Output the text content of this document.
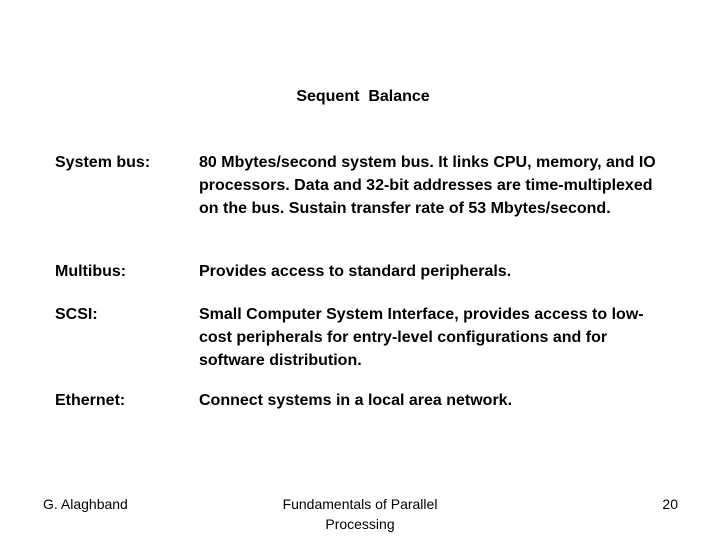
Sequent  Balance
System bus:	80 Mbytes/second system bus. It links CPU, memory, and IO processors. Data and 32-bit addresses are time-multiplexed on the bus. Sustain transfer rate of 53 Mbytes/second.
Multibus:	Provides access to standard peripherals.
SCSI:	Small Computer System Interface, provides access to low-cost peripherals for entry-level configurations and for software distribution.
Ethernet:	Connect systems in a local area network.
G. Alaghband	Fundamentals of Parallel Processing
20
